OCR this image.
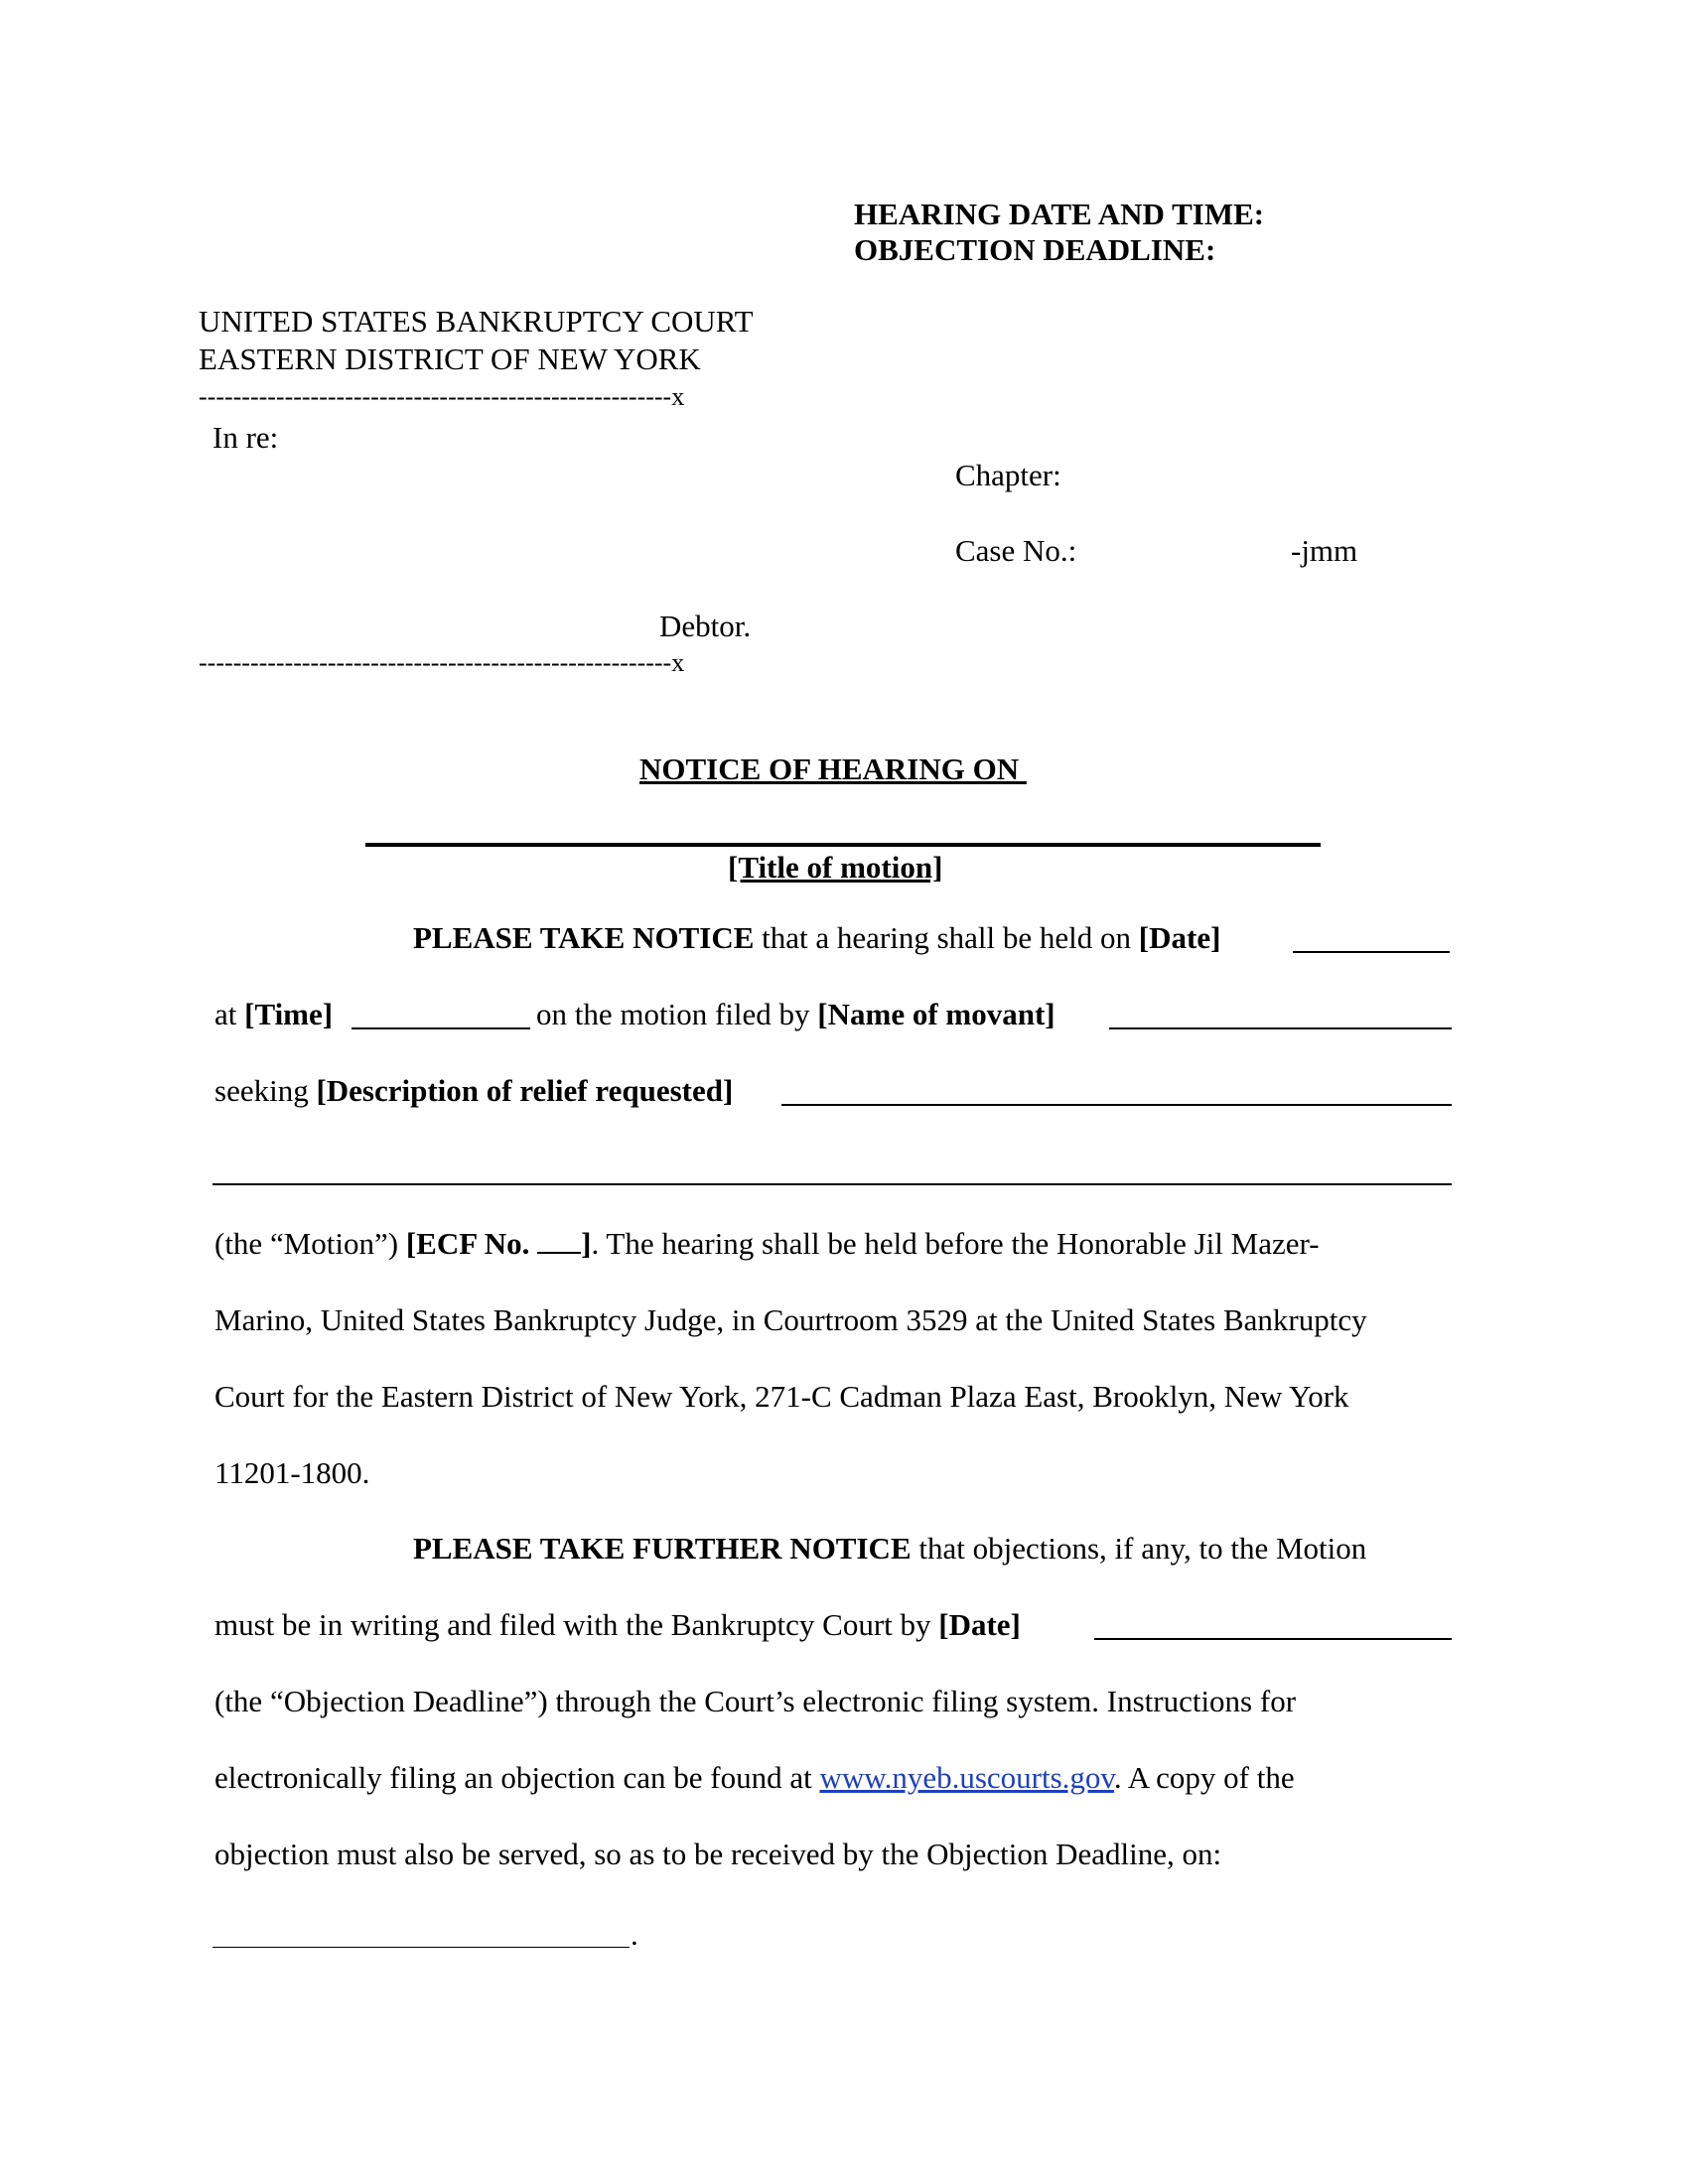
HEARING DATE AND TIME:
OBJECTION DEADLINE:
UNITED STATES BANKRUPTCY COURT
EASTERN DISTRICT OF NEW YORK
-------------------------------------------------------x
In re:
Chapter:
Case No.:	-jmm
Debtor.
-------------------------------------------------------x
NOTICE OF HEARING ON
[Title of motion]
PLEASE TAKE NOTICE that a hearing shall be held on [Date]
at [Time]	on the motion filed by [Name of movant]
seeking [Description of relief requested]
(the “Motion”) [ECF No. ]. The hearing shall be held before the Honorable Jil Mazer-
Marino, United States Bankruptcy Judge, in Courtroom 3529 at the United States Bankruptcy
Court for the Eastern District of New York, 271-C Cadman Plaza East, Brooklyn, New York
11201-1800.
PLEASE TAKE FURTHER NOTICE that objections, if any, to the Motion
must be in writing and filed with the Bankruptcy Court by [Date]
(the “Objection Deadline”) through the Court’s electronic filing system. Instructions for
electronically filing an objection can be found at www.nyeb.uscourts.gov. A copy of the
objection must also be served, so as to be received by the Objection Deadline, on:
.
